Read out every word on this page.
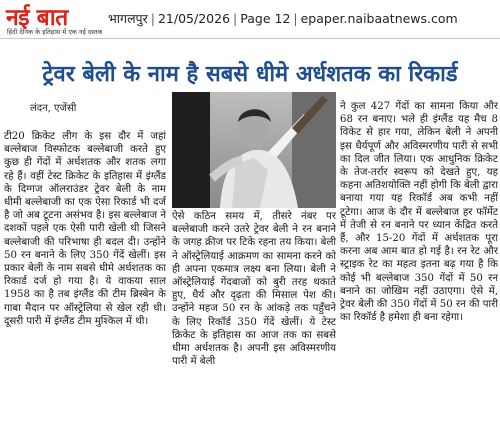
नई बात
हिंदी देनिक के इतिहास में एक नई दस्तक
भागलपुर | 21/05/2026 | Page 12 | epaper.naibaatnews.com
ट्रेवर बेली के नाम है सबसे धीमे अर्धशतक का रिकार्ड
लंदन, एजेंसी

टी20 क्रिकेट लीग के इस दौर में जहां बल्लेबाज विस्फोटक बल्लेबाजी करते हुए कुछ ही गेंदों में अर्धशतक और शतक लगा रहे हैं। वहीं टेस्ट क्रिकेट के इतिहास में इंग्लैंड के दिग्गज ऑलराउंडर ट्रेवर बेली के नाम धीमी बल्लेबाजी का एक ऐसा रिकार्ड भी दर्ज है जो अब टूटना असंभव है। इस बल्लेबाज ने दशकों पहले एक ऐसी पारी खेली थी जिसने बल्लेबाजी की परिभाषा ही बदल दी। उन्होंने 50 रन बनाने के लिए 350 गेंदें खेलीं। इस प्रकार बेली के नाम सबसे धीमे अर्धशतक का रिकार्ड दर्ज हो गया है। ये वाकया साल 1958 का है तब इंग्लैंड की टीम ब्रिस्बेन के गाबा मैदान पर ऑस्ट्रेलिया से खेल रही थी। दूसरी पारी में इंग्लैंड टीम मुश्किल में थी।

ऐसे कठिन समय में, तीसरे नंबर पर बल्लेबाजी करने उतरे ट्रेवर बेली ने रन बनाने के जगह क्रीज पर टिके रहना तय किया। बेली ने ऑस्ट्रेलियाई आक्रमण का सामना करने को ही अपना एकमात्र लक्ष्य बना लिया। बेली ने ऑस्ट्रेलियाई गेंदबाजों को बुरी तरह थकाते हुए, धैर्य और दृढ़ता की मिसाल पेश की। उन्होंने महज 50 रन के आंकड़े तक पहुँचने के लिए रिकॉर्ड 350 गेंदें खेलीं। ये टेस्ट क्रिकेट के इतिहास का आज तक का सबसे धीमा अर्धशतक है। अपनी इस अविस्मरणीय पारी में बेली

ने कुल 427 गेंदों का सामना किया और 68 रन बनाए। भले ही इंग्लैंड यह मैच 8 विकेट से हार गया, लेकिन बेली ने अपनी इस धैर्यपूर्ण और अविस्मरणीय पारी से सभी का दिल जीत लिया। एक आधुनिक क्रिकेट के तेज-तर्रार स्वरूप को देखते हुए, यह कहना अतिशयोक्ति नहीं होगी कि बेली द्वारा बनाया गया यह रिकॉर्ड अब कभी नहीं टूटेगा। आज के दौर में बल्लेबाज हर फॉर्मेट में तेजी से रन बनाने पर ध्यान केंद्रित करते हैं, और 15-20 गेंदों में अर्धशतक पूरा करना अब आम बात हो गई है। रन रेट और स्ट्राइक रेट का महत्व इतना बढ़ गया है कि कोई भी बल्लेबाज 350 गेंदों में 50 रन बनाने का जोखिम नहीं उठाएगा। ऐसे में, ट्रेवर बेली की 350 गेंदों में 50 रन की पारी का रिकॉर्ड है हमेशा ही बना रहेगा।
